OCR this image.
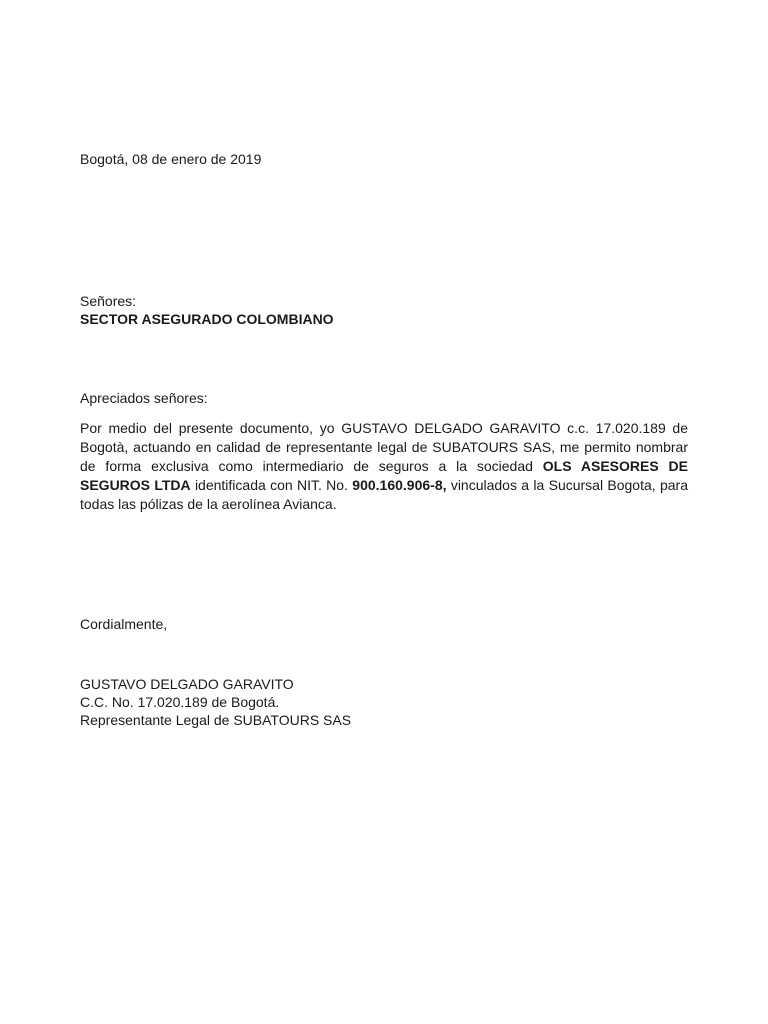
Bogotá, 08 de enero de 2019
Señores:
SECTOR ASEGURADO COLOMBIANO
Apreciados señores:
Por medio del presente documento, yo GUSTAVO DELGADO GARAVITO c.c. 17.020.189 de Bogotà, actuando en calidad de representante legal de SUBATOURS SAS, me permito nombrar de forma exclusiva como intermediario de seguros a la sociedad OLS ASESORES DE SEGUROS LTDA identificada con NIT. No. 900.160.906-8, vinculados a la Sucursal Bogota, para todas las pólizas de la aerolínea Avianca.
Cordialmente,
GUSTAVO DELGADO GARAVITO
C.C. No. 17.020.189 de Bogotá.
Representante Legal de SUBATOURS SAS
